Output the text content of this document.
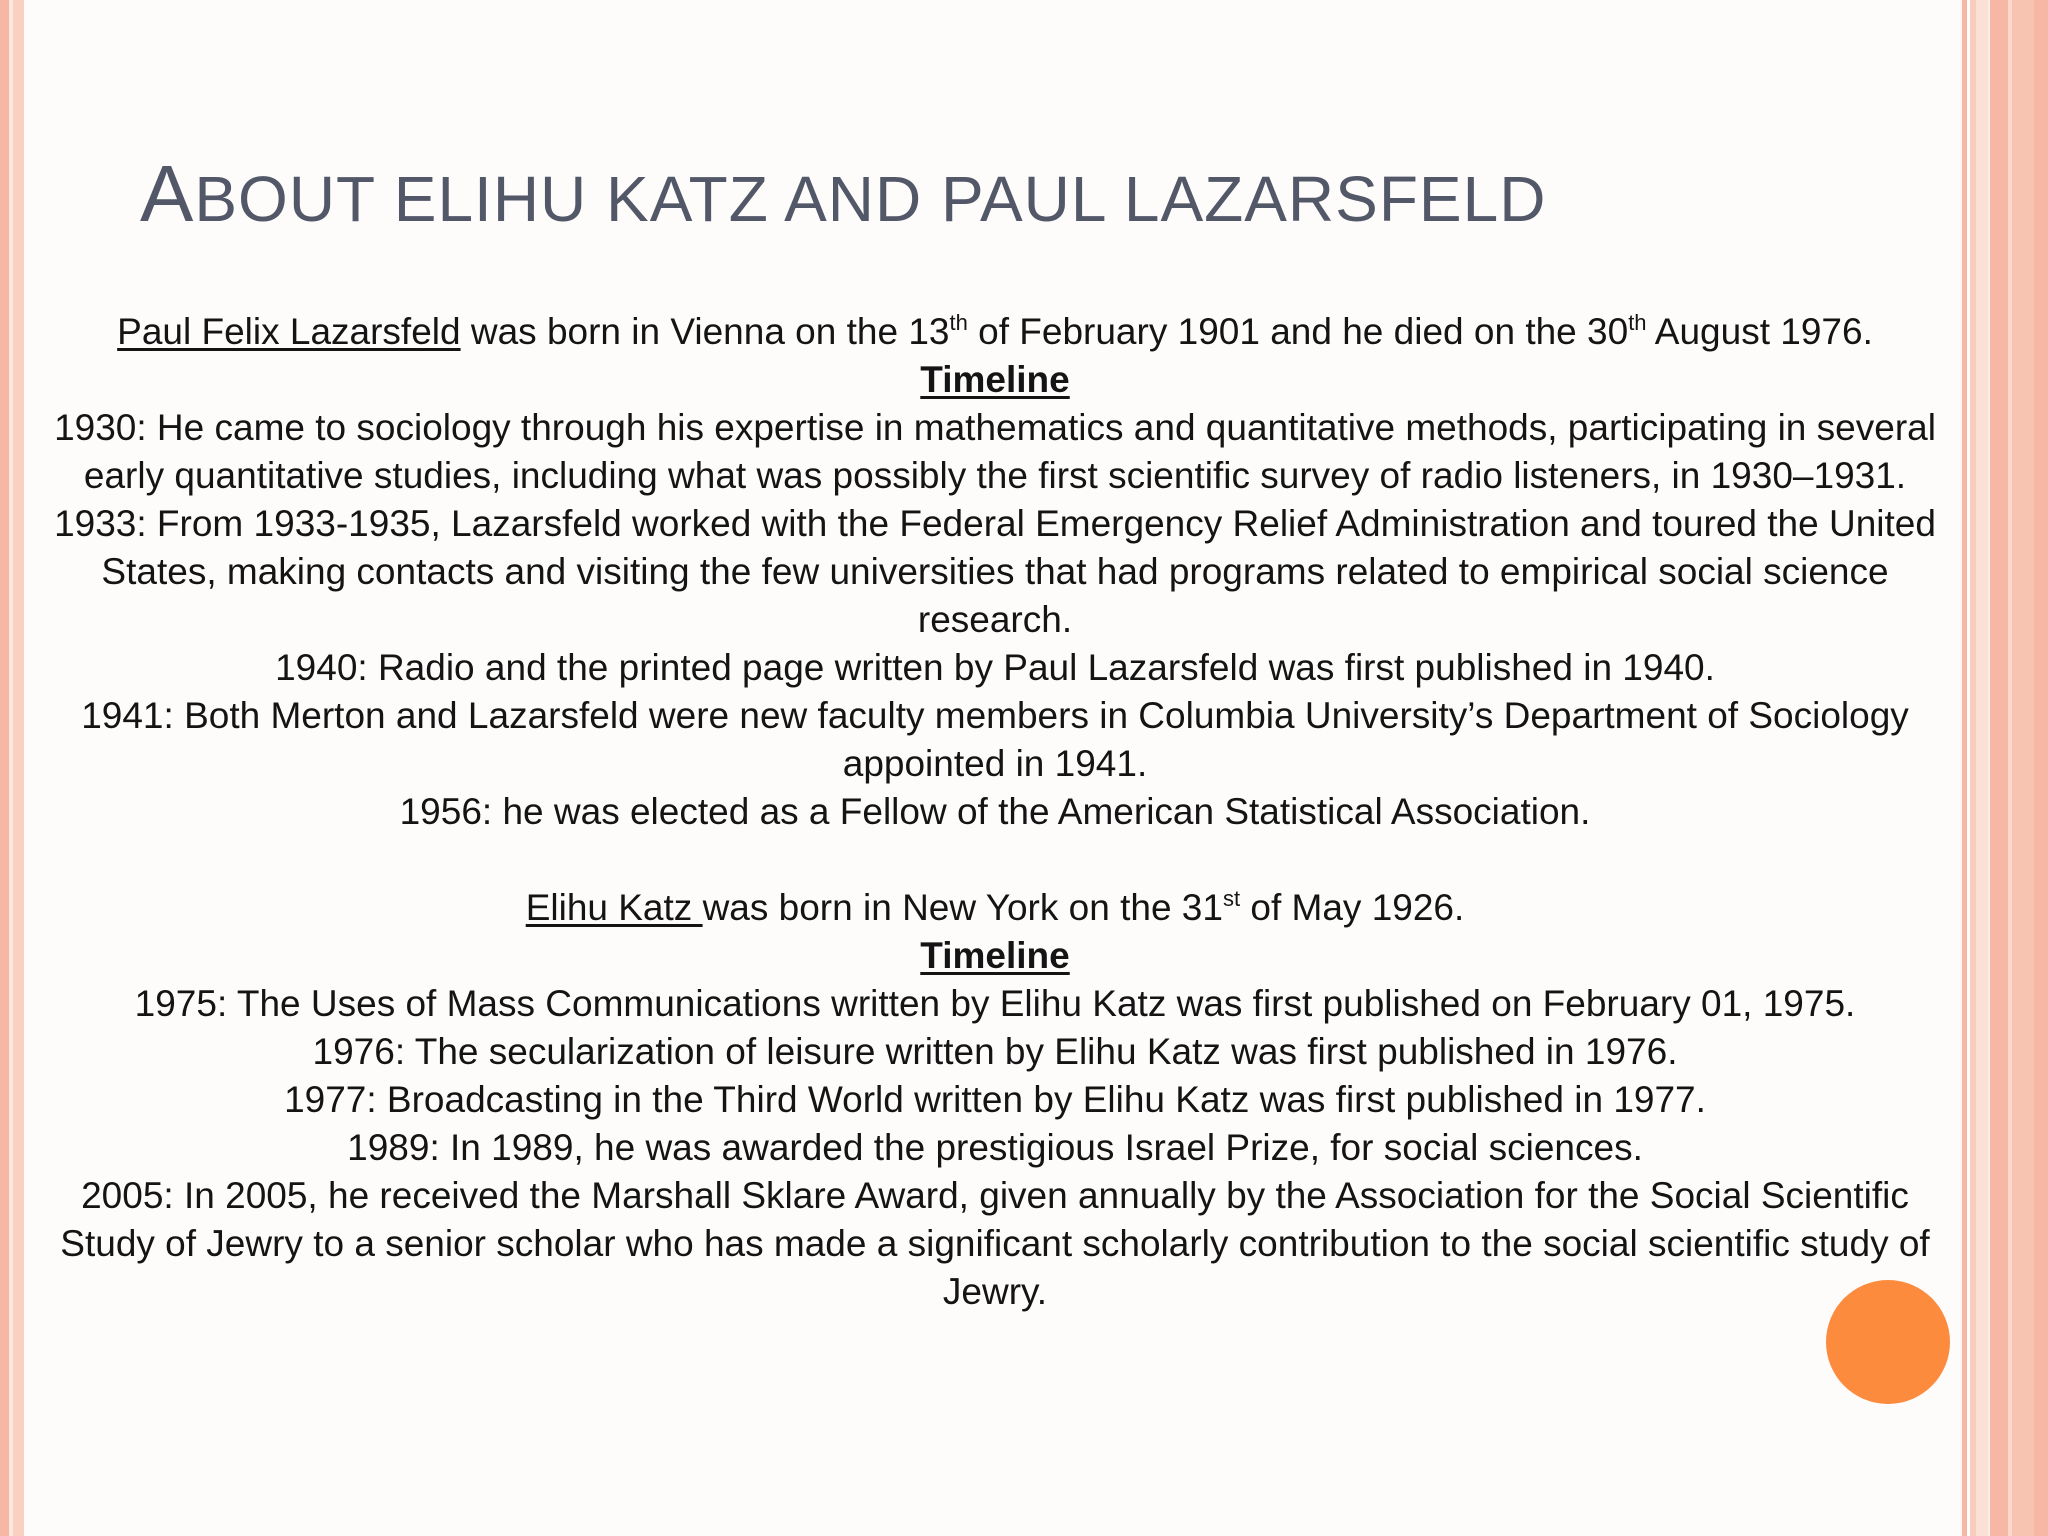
ABOUT ELIHU KATZ AND PAUL LAZARSFELD

Paul Felix Lazarsfeld was born in Vienna on the 13th of February 1901 and he died on the 30th August 1976.

Timeline

1930: He came to sociology through his expertise in mathematics and quantitative methods, participating in several early quantitative studies, including what was possibly the first scientific survey of radio listeners, in 1930–1931.

1933: From 1933-1935, Lazarsfeld worked with the Federal Emergency Relief Administration and toured the United States, making contacts and visiting the few universities that had programs related to empirical social science research.

1940: Radio and the printed page written by Paul Lazarsfeld was first published in 1940.

1941: Both Merton and Lazarsfeld were new faculty members in Columbia University’s Department of Sociology appointed in 1941.

1956: he was elected as a Fellow of the American Statistical Association.

Elihu Katz was born in New York on the 31st of May 1926.

Timeline

1975: The Uses of Mass Communications written by Elihu Katz was first published on February 01, 1975.

1976: The secularization of leisure written by Elihu Katz was first published in 1976.

1977: Broadcasting in the Third World written by Elihu Katz was first published in 1977.

1989: In 1989, he was awarded the prestigious Israel Prize, for social sciences.

2005: In 2005, he received the Marshall Sklare Award, given annually by the Association for the Social Scientific Study of Jewry to a senior scholar who has made a significant scholarly contribution to the social scientific study of Jewry.
